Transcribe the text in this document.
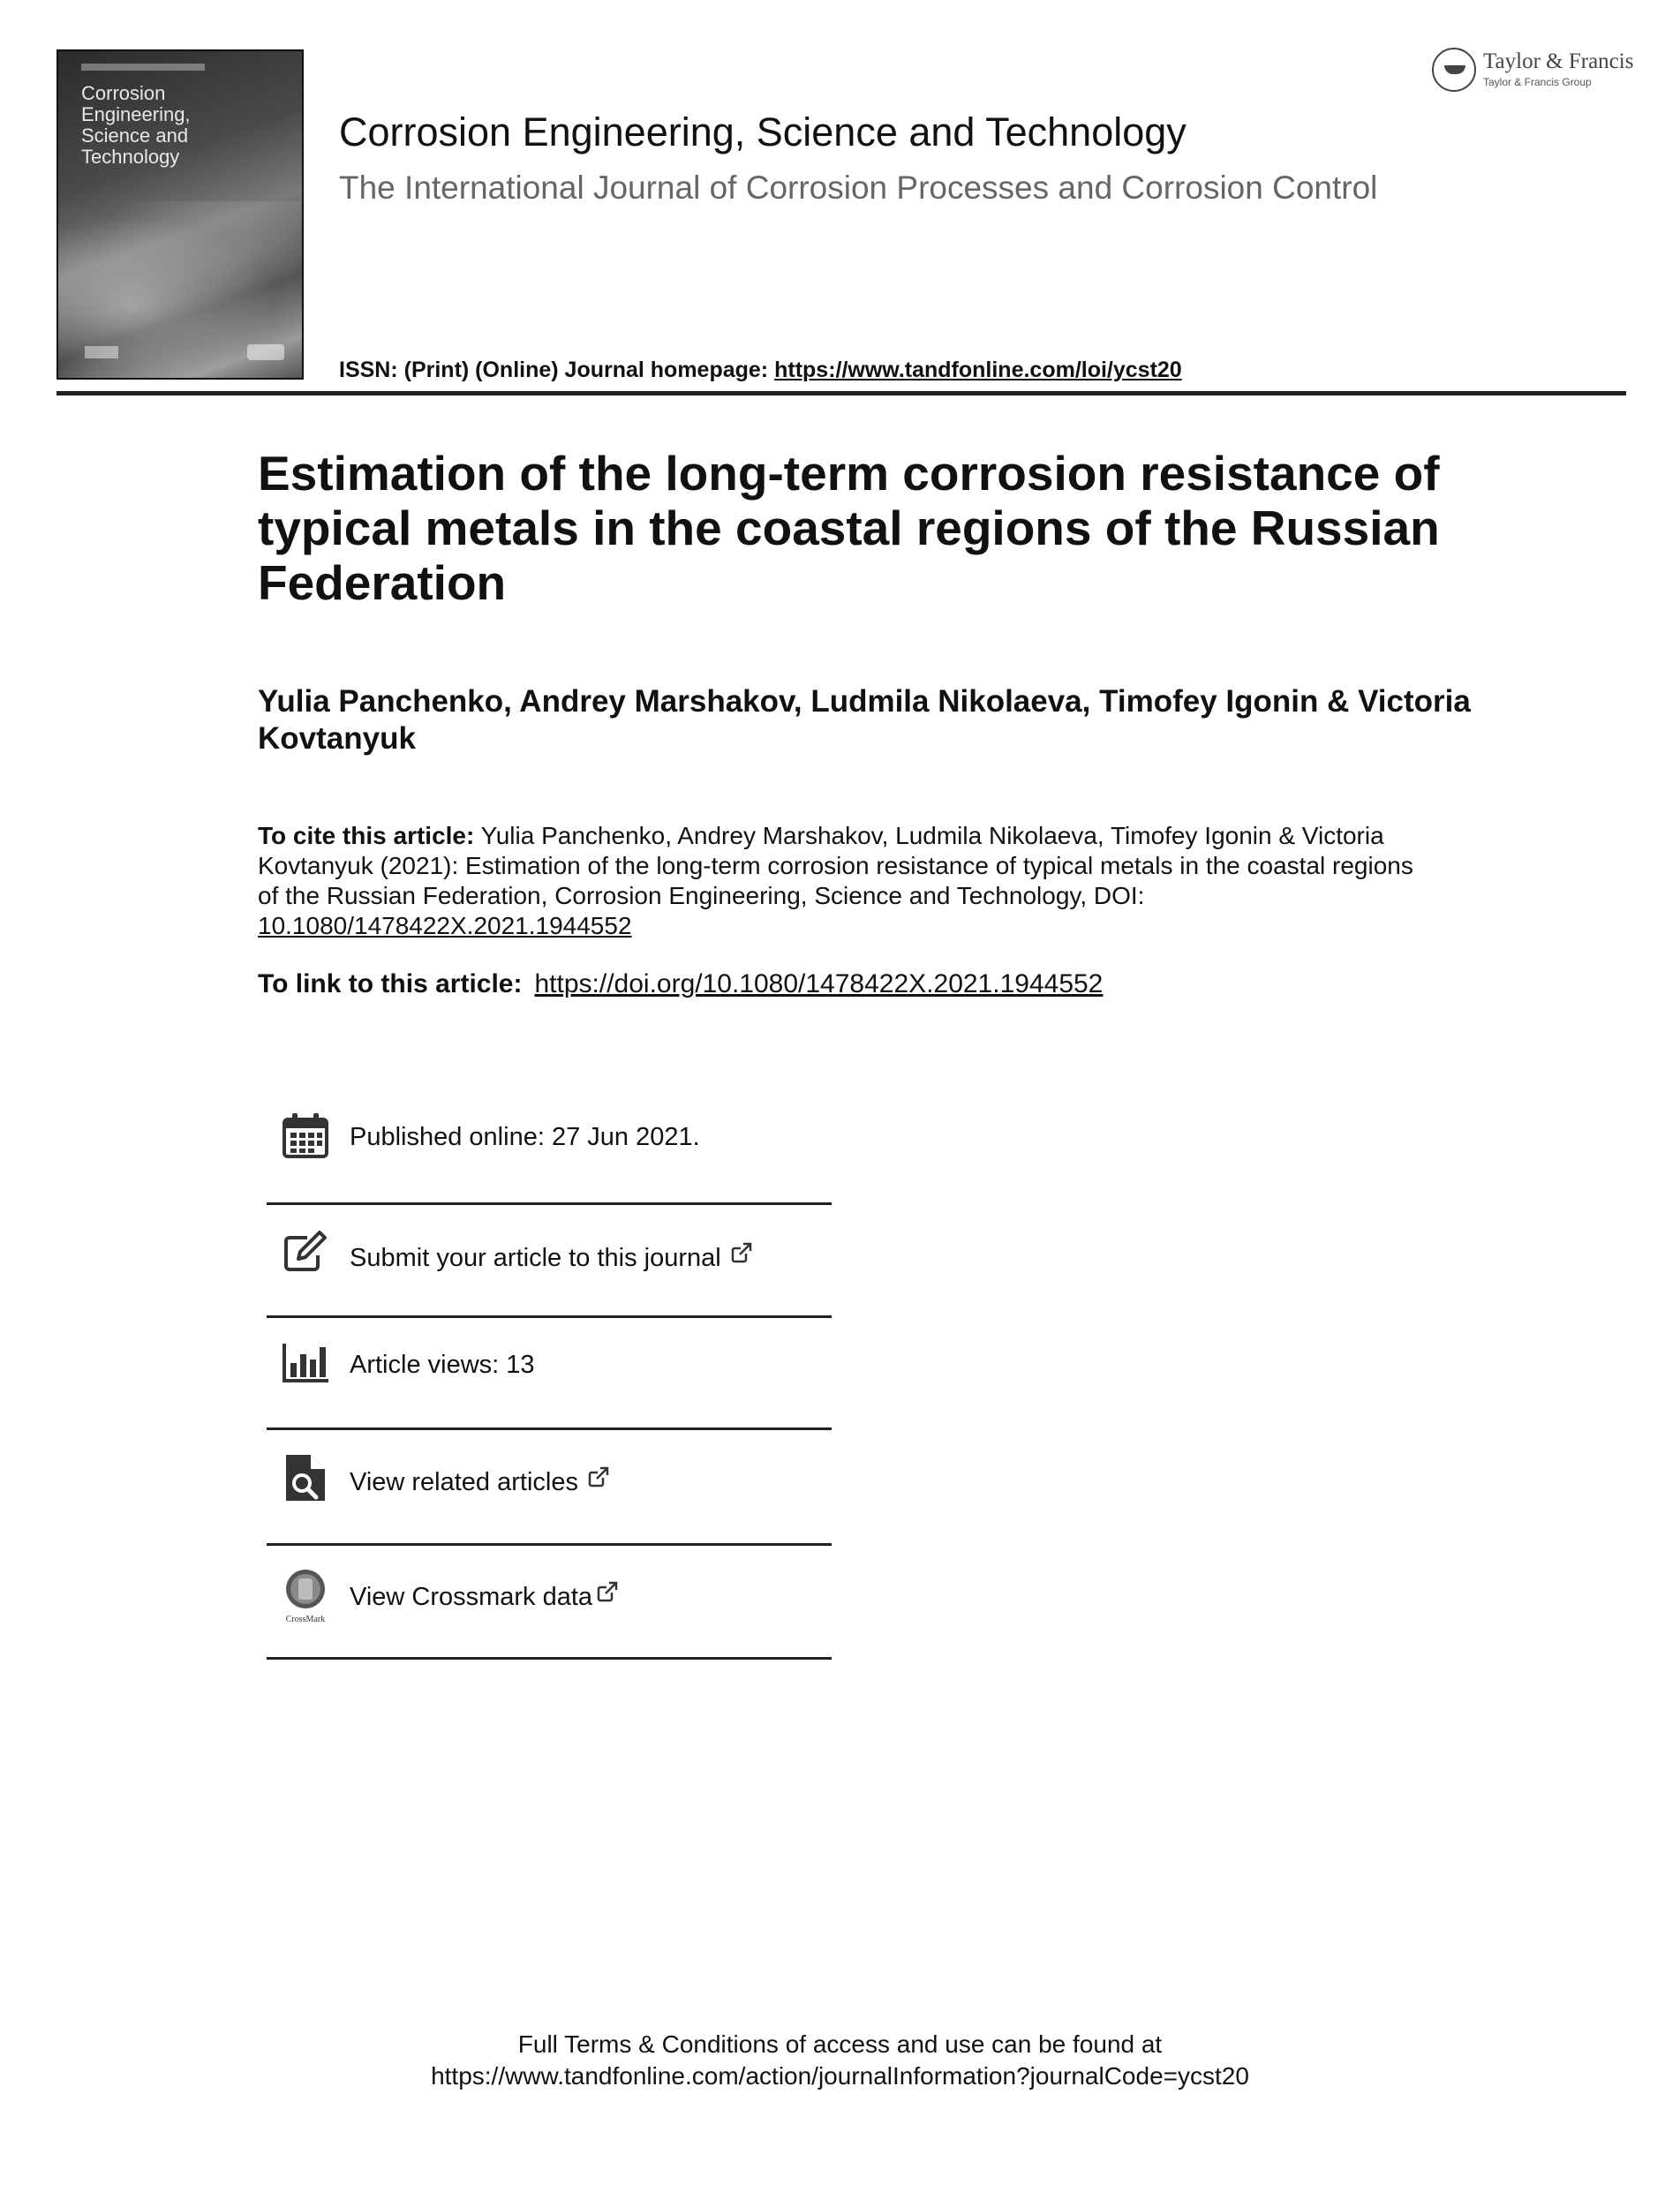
Corrosion
Engineering,
Science and
Technology
Corrosion Engineering, Science and Technology
The International Journal of Corrosion Processes and Corrosion Control
ISSN: (Print) (Online) Journal homepage: https://www.tandfonline.com/loi/ycst20
Taylor & Francis
Taylor & Francis Group
Estimation of the long-term corrosion resistance of typical metals in the coastal regions of the Russian Federation
Yulia Panchenko, Andrey Marshakov, Ludmila Nikolaeva, Timofey Igonin & Victoria Kovtanyuk
To cite this article: Yulia Panchenko, Andrey Marshakov, Ludmila Nikolaeva, Timofey Igonin & Victoria Kovtanyuk (2021): Estimation of the long-term corrosion resistance of typical metals in the coastal regions of the Russian Federation, Corrosion Engineering, Science and Technology, DOI: 10.1080/1478422X.2021.1944552
To link to this article: https://doi.org/10.1080/1478422X.2021.1944552
Published online: 27 Jun 2021.
Submit your article to this journal
Article views: 13
View related articles
CrossMark
View Crossmark data
Full Terms & Conditions of access and use can be found at
https://www.tandfonline.com/action/journalInformation?journalCode=ycst20
